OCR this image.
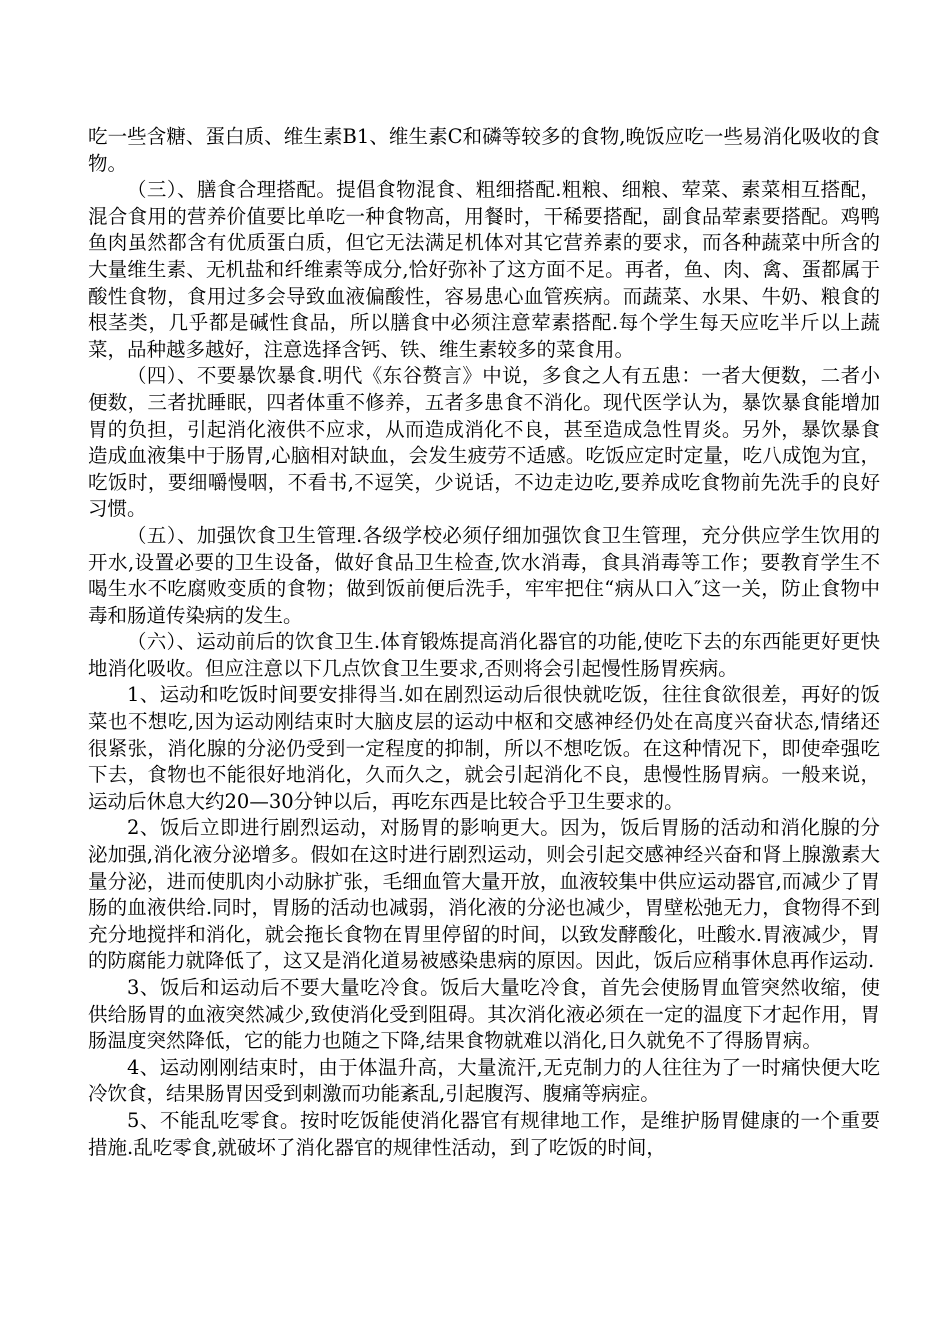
吃一些含糖、蛋白质、维生素B1、维生素C和磷等较多的食物,晚饭应吃一些易消化吸收的食物。

（三）、膳食合理搭配。提倡食物混食、粗细搭配.粗粮、细粮、荤菜、素菜相互搭配，混合食用的营养价值要比单吃一种食物高，用餐时，干稀要搭配，副食品荤素要搭配。鸡鸭鱼肉虽然都含有优质蛋白质，但它无法满足机体对其它营养素的要求，而各种蔬菜中所含的大量维生素、无机盐和纤维素等成分,恰好弥补了这方面不足。再者，鱼、肉、禽、蛋都属于酸性食物，食用过多会导致血液偏酸性，容易患心血管疾病。而蔬菜、水果、牛奶、粮食的根茎类，几乎都是碱性食品，所以膳食中必须注意荤素搭配.每个学生每天应吃半斤以上蔬菜，品种越多越好，注意选择含钙、铁、维生素较多的菜食用。

（四）、不要暴饮暴食.明代《东谷赘言》中说，多食之人有五患：一者大便数，二者小便数，三者扰睡眠，四者体重不修养，五者多患食不消化。现代医学认为，暴饮暴食能增加胃的负担，引起消化液供不应求，从而造成消化不良，甚至造成急性胃炎。另外，暴饮暴食造成血液集中于肠胃,心脑相对缺血，会发生疲劳不适感。吃饭应定时定量，吃八成饱为宜，吃饭时，要细嚼慢咽，不看书,不逗笑，少说话，不边走边吃,要养成吃食物前先洗手的良好习惯。

（五）、加强饮食卫生管理.各级学校必须仔细加强饮食卫生管理，充分供应学生饮用的开水,设置必要的卫生设备，做好食品卫生检查,饮水消毒，食具消毒等工作；要教育学生不喝生水不吃腐败变质的食物；做到饭前便后洗手，牢牢把住“病从口入″这一关，防止食物中毒和肠道传染病的发生。

（六）、运动前后的饮食卫生.体育锻炼提高消化器官的功能,使吃下去的东西能更好更快地消化吸收。但应注意以下几点饮食卫生要求,否则将会引起慢性肠胃疾病。

1、运动和吃饭时间要安排得当.如在剧烈运动后很快就吃饭，往往食欲很差，再好的饭菜也不想吃,因为运动刚结束时大脑皮层的运动中枢和交感神经仍处在高度兴奋状态,情绪还很紧张，消化腺的分泌仍受到一定程度的抑制，所以不想吃饭。在这种情况下，即使牵强吃下去，食物也不能很好地消化，久而久之，就会引起消化不良，患慢性肠胃病。一般来说，运动后休息大约20—30分钟以后，再吃东西是比较合乎卫生要求的。

2、饭后立即进行剧烈运动，对肠胃的影响更大。因为，饭后胃肠的活动和消化腺的分泌加强,消化液分泌增多。假如在这时进行剧烈运动，则会引起交感神经兴奋和肾上腺激素大量分泌，进而使肌肉小动脉扩张，毛细血管大量开放，血液较集中供应运动器官,而减少了胃肠的血液供给.同时，胃肠的活动也减弱，消化液的分泌也减少，胃壁松弛无力，食物得不到充分地搅拌和消化，就会拖长食物在胃里停留的时间，以致发酵酸化，吐酸水.胃液减少，胃的防腐能力就降低了，这又是消化道易被感染患病的原因。因此，饭后应稍事休息再作运动.

3、饭后和运动后不要大量吃冷食。饭后大量吃冷食，首先会使肠胃血管突然收缩，使供给肠胃的血液突然减少,致使消化受到阻碍。其次消化液必须在一定的温度下才起作用，胃肠温度突然降低，它的能力也随之下降,结果食物就难以消化,日久就免不了得肠胃病。

4、运动刚刚结束时，由于体温升高，大量流汗,无克制力的人往往为了一时痛快便大吃冷饮食，结果肠胃因受到刺激而功能紊乱,引起腹泻、腹痛等病症。

5、不能乱吃零食。按时吃饭能使消化器官有规律地工作，是维护肠胃健康的一个重要措施.乱吃零食,就破坏了消化器官的规律性活动，到了吃饭的时间，
